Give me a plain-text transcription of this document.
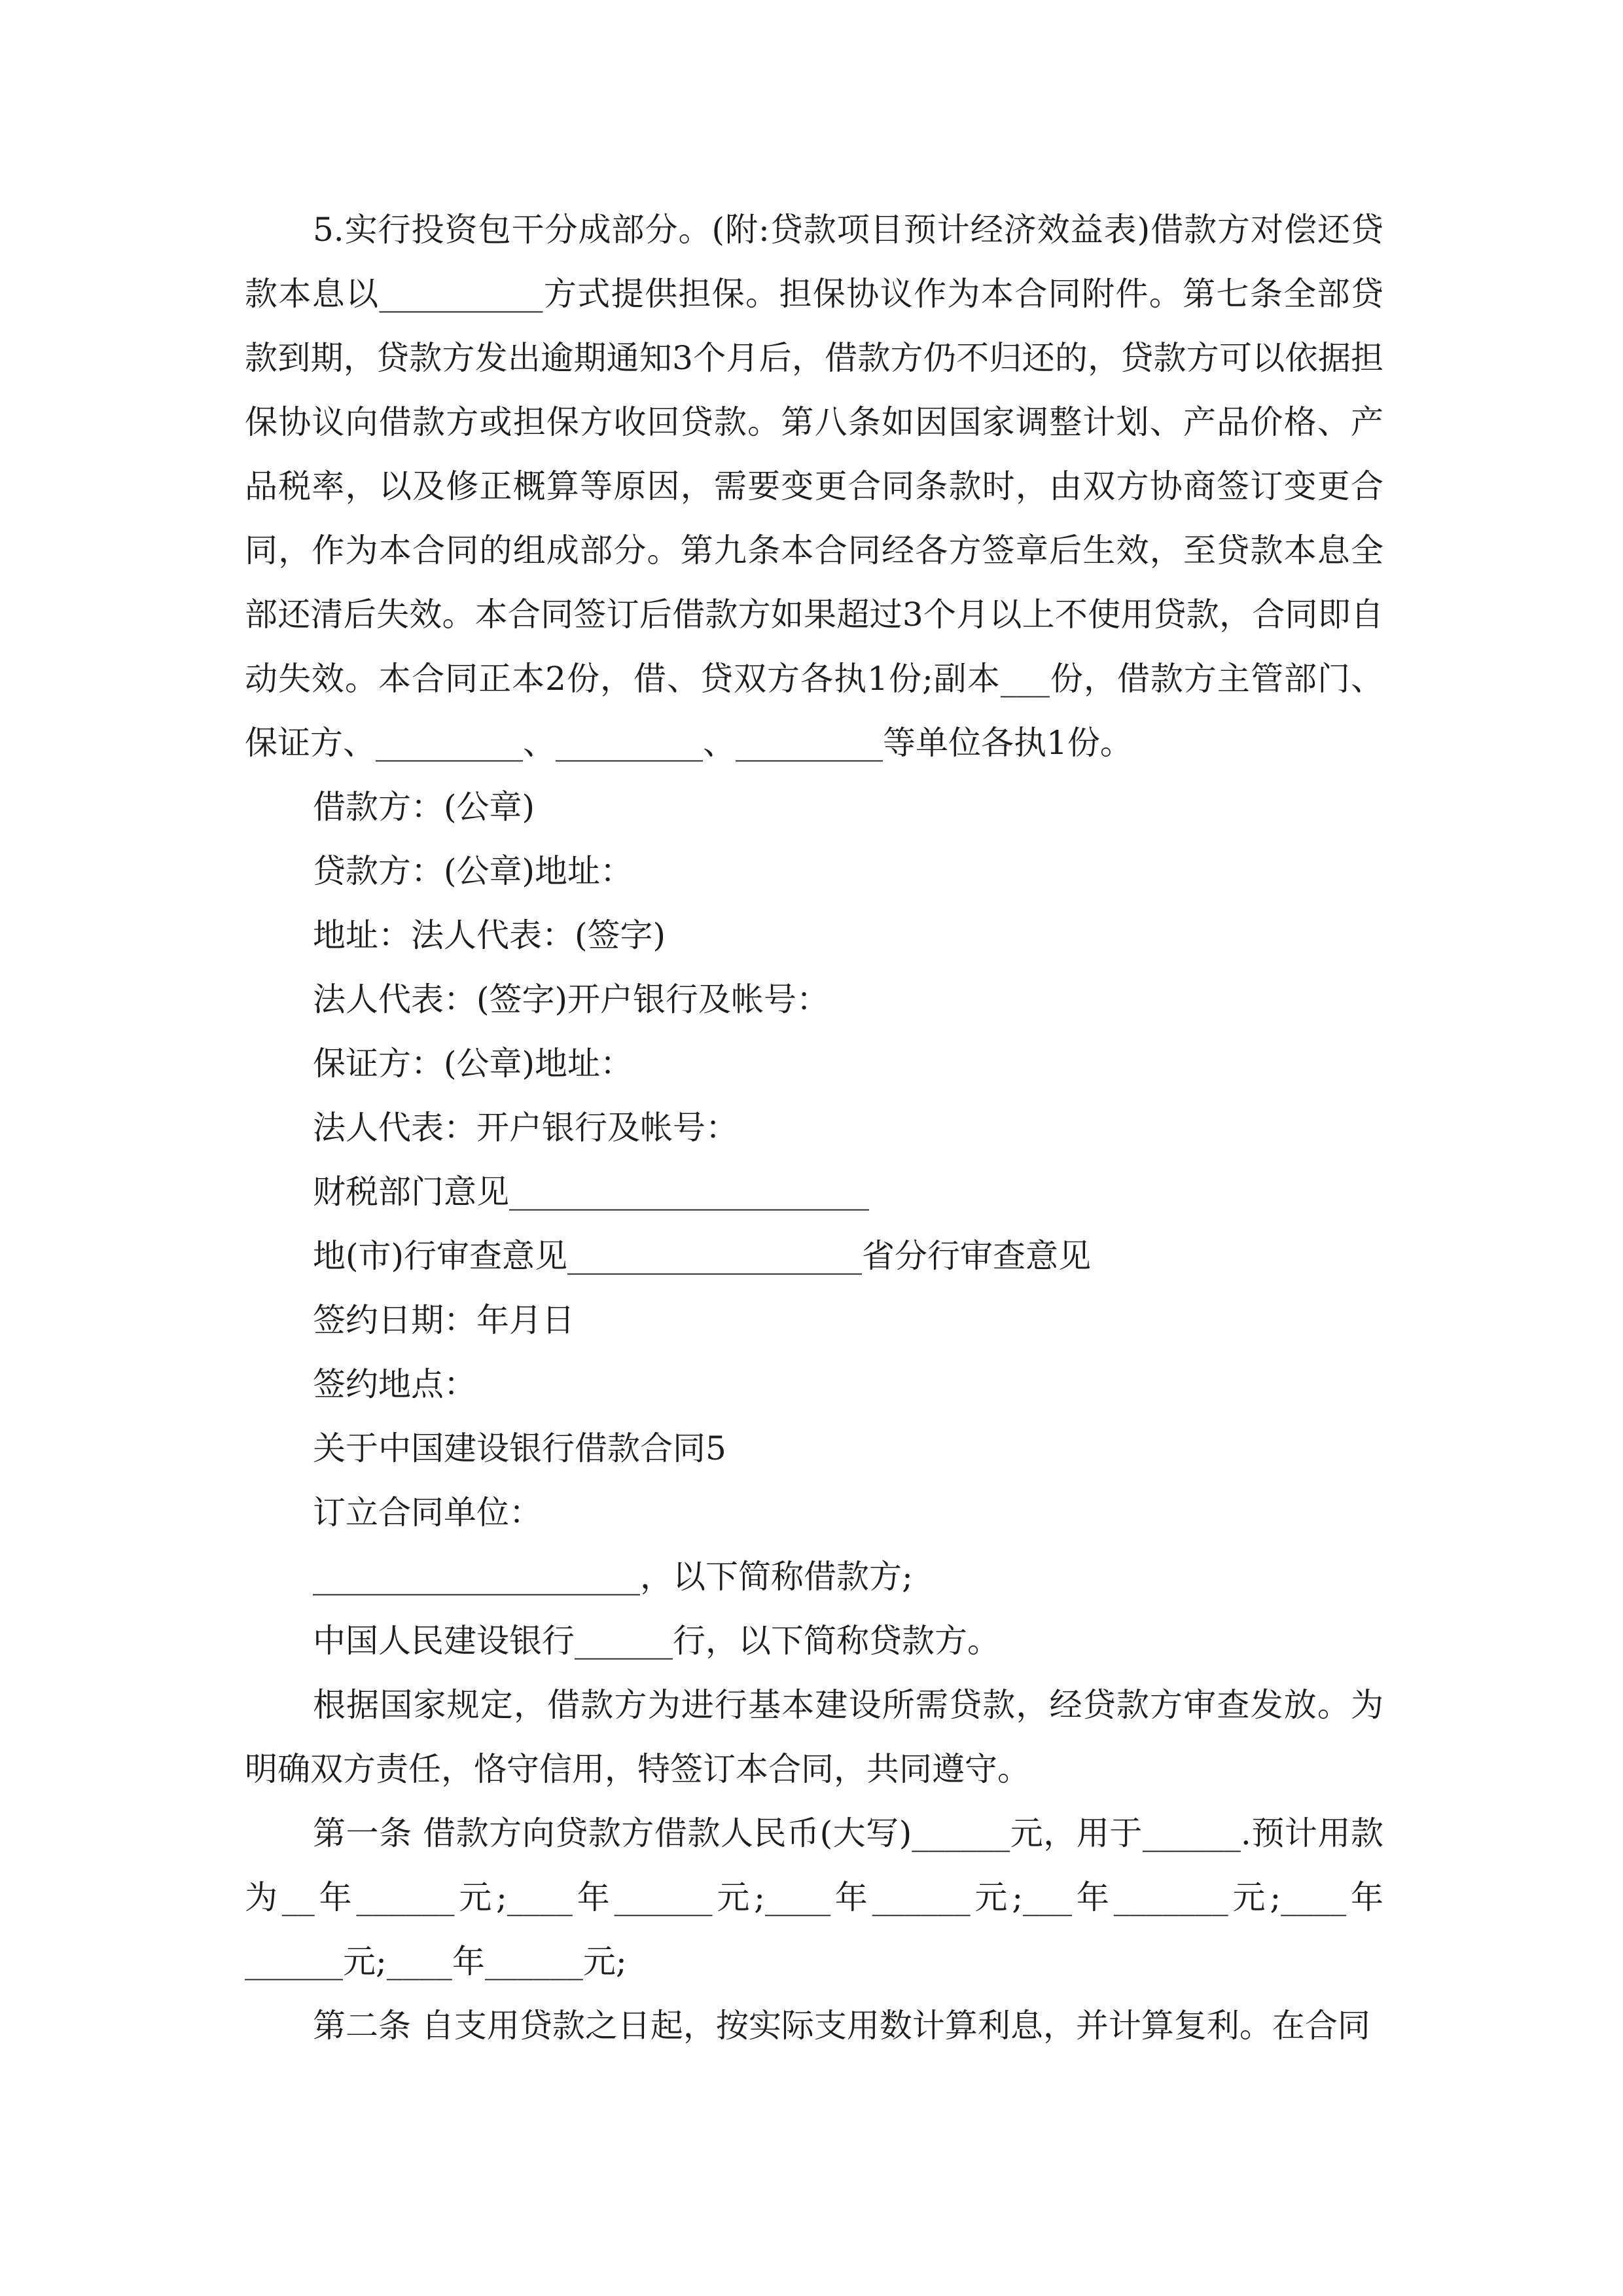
5.实行投资包干分成部分。(附:贷款项目预计经济效益表)借款方对偿还贷款本息以__________方式提供担保。担保协议作为本合同附件。第七条全部贷款到期，贷款方发出逾期通知3个月后，借款方仍不归还的，贷款方可以依据担保协议向借款方或担保方收回贷款。第八条如因国家调整计划、产品价格、产品税率，以及修正概算等原因，需要变更合同条款时，由双方协商签订变更合同，作为本合同的组成部分。第九条本合同经各方签章后生效，至贷款本息全部还清后失效。本合同签订后借款方如果超过3个月以上不使用贷款，合同即自动失效。本合同正本2份，借、贷双方各执1份;副本___份，借款方主管部门、保证方、_________、_________、_________等单位各执1份。

借款方：(公章)

贷款方：(公章)地址：

地址：法人代表：(签字)

法人代表：(签字)开户银行及帐号：

保证方：(公章)地址：

法人代表：开户银行及帐号：

财税部门意见______________________

地(市)行审查意见__________________省分行审查意见

签约日期：年月日

签约地点：

关于中国建设银行借款合同5

订立合同单位：

____________________，以下简称借款方;

中国人民建设银行______行，以下简称贷款方。

根据国家规定，借款方为进行基本建设所需贷款，经贷款方审查发放。为明确双方责任，恪守信用，特签订本合同，共同遵守。

第一条 借款方向贷款方借款人民币(大写)______元，用于______.预计用款为__年______元;____年______元;____年______元;___年_______元;____年______元;____年______元;

第二条 自支用贷款之日起，按实际支用数计算利息，并计算复利。在合同
